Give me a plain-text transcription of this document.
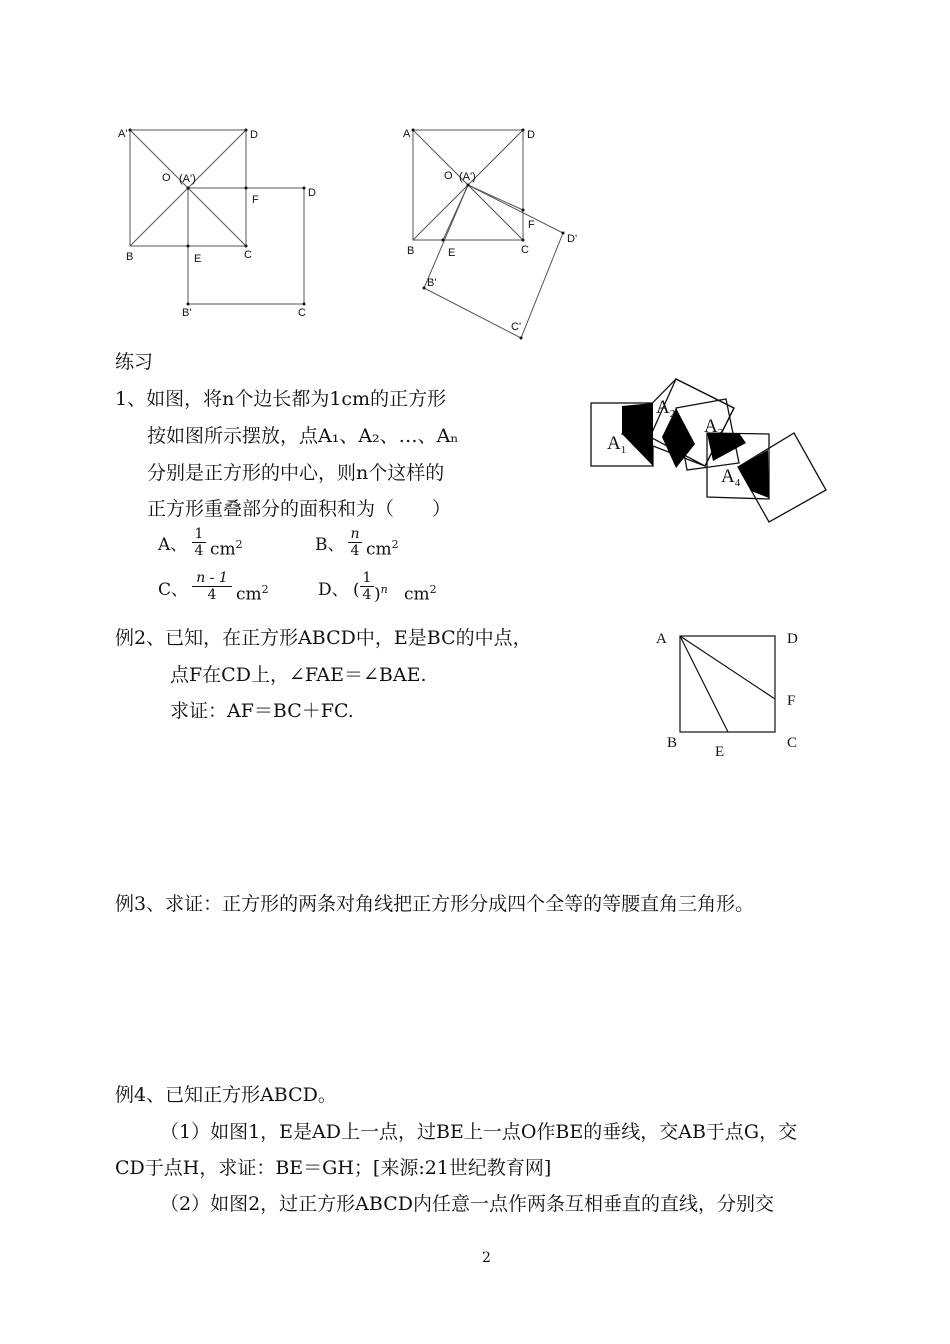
A'	D
O (A')
D
F
B	E	C
B'	C
A	D
O (A')
F
D'
B	E	C
B'
C'
$A_1$
$A_2$
$A_3$
$A_4$
A	D
F
B
E
C
练习
1、如图，将n个边长都为1cm的正方形
按如图所示摆放，点A₁、A₂、…、Aₙ
分别是正方形的中心，则n个这样的
正方形重叠部分的面积和为（　　）
A、 $\frac{1}{4} cm^2$	B、 $\frac{n}{4} cm^2$
C、 $\frac{n - 1}{4} cm^2$	D、 ( $\frac{1}{4} )^n$ $cm^2$
例2、已知，在正方形ABCD中，E是BC的中点，
点F在CD上，∠FAE＝∠BAE.
求证：AF＝BC＋FC.
例3、求证：正方形的两条对角线把正方形分成四个全等的等腰直角三角形。
例4、已知正方形ABCD。
（1）如图1，E是AD上一点，过BE上一点O作BE的垂线，交AB于点G，交
CD于点H，求证：BE＝GH；[来源:21世纪教育网]
（2）如图2，过正方形ABCD内任意一点作两条互相垂直的直线，分别交
2
